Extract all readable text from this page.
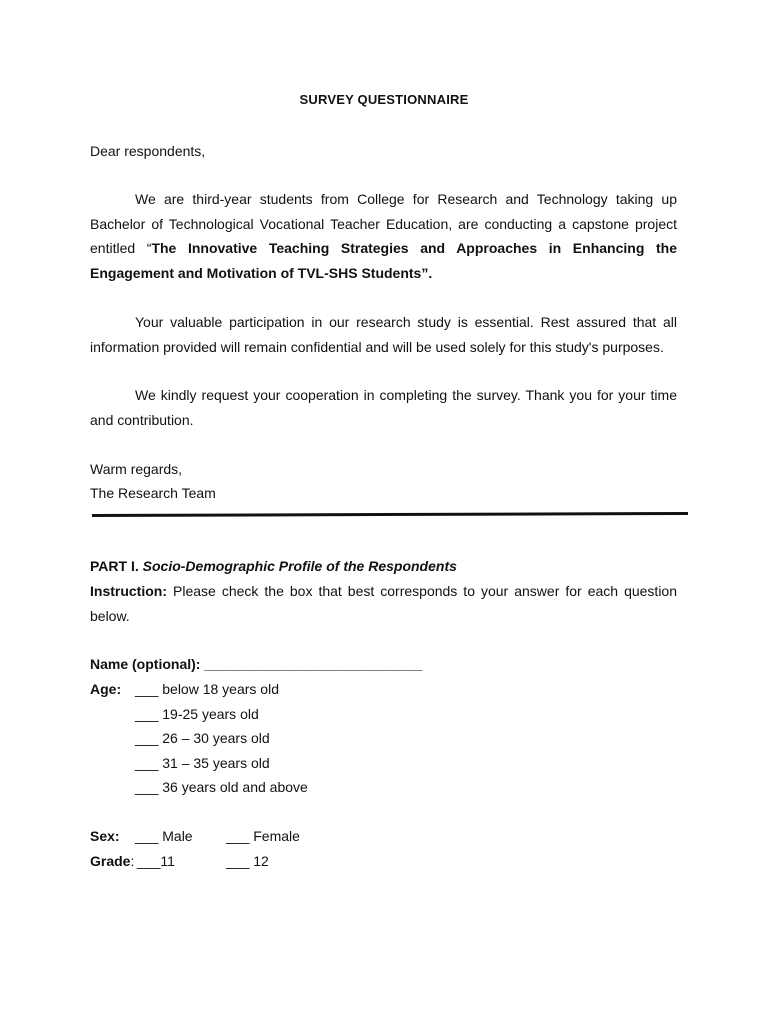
SURVEY QUESTIONNAIRE
Dear respondents,
We are third-year students from College for Research and Technology taking up Bachelor of Technological Vocational Teacher Education, are conducting a capstone project entitled “The Innovative Teaching Strategies and Approaches in Enhancing the Engagement and Motivation of TVL-SHS Students”.
Your valuable participation in our research study is essential. Rest assured that all information provided will remain confidential and will be used solely for this study's purposes.
We kindly request your cooperation in completing the survey. Thank you for your time and contribution.
Warm regards,
The Research Team
PART I. Socio-Demographic Profile of the Respondents
Instruction: Please check the box that best corresponds to your answer for each question below.
Name (optional): ____________________________
Age: ___ below 18 years old
___ 19-25 years old
___ 26 – 30 years old
___ 31 – 35 years old
___ 36 years old and above
Sex: ___ Male ___ Female
Grade: ___11	___ 12
